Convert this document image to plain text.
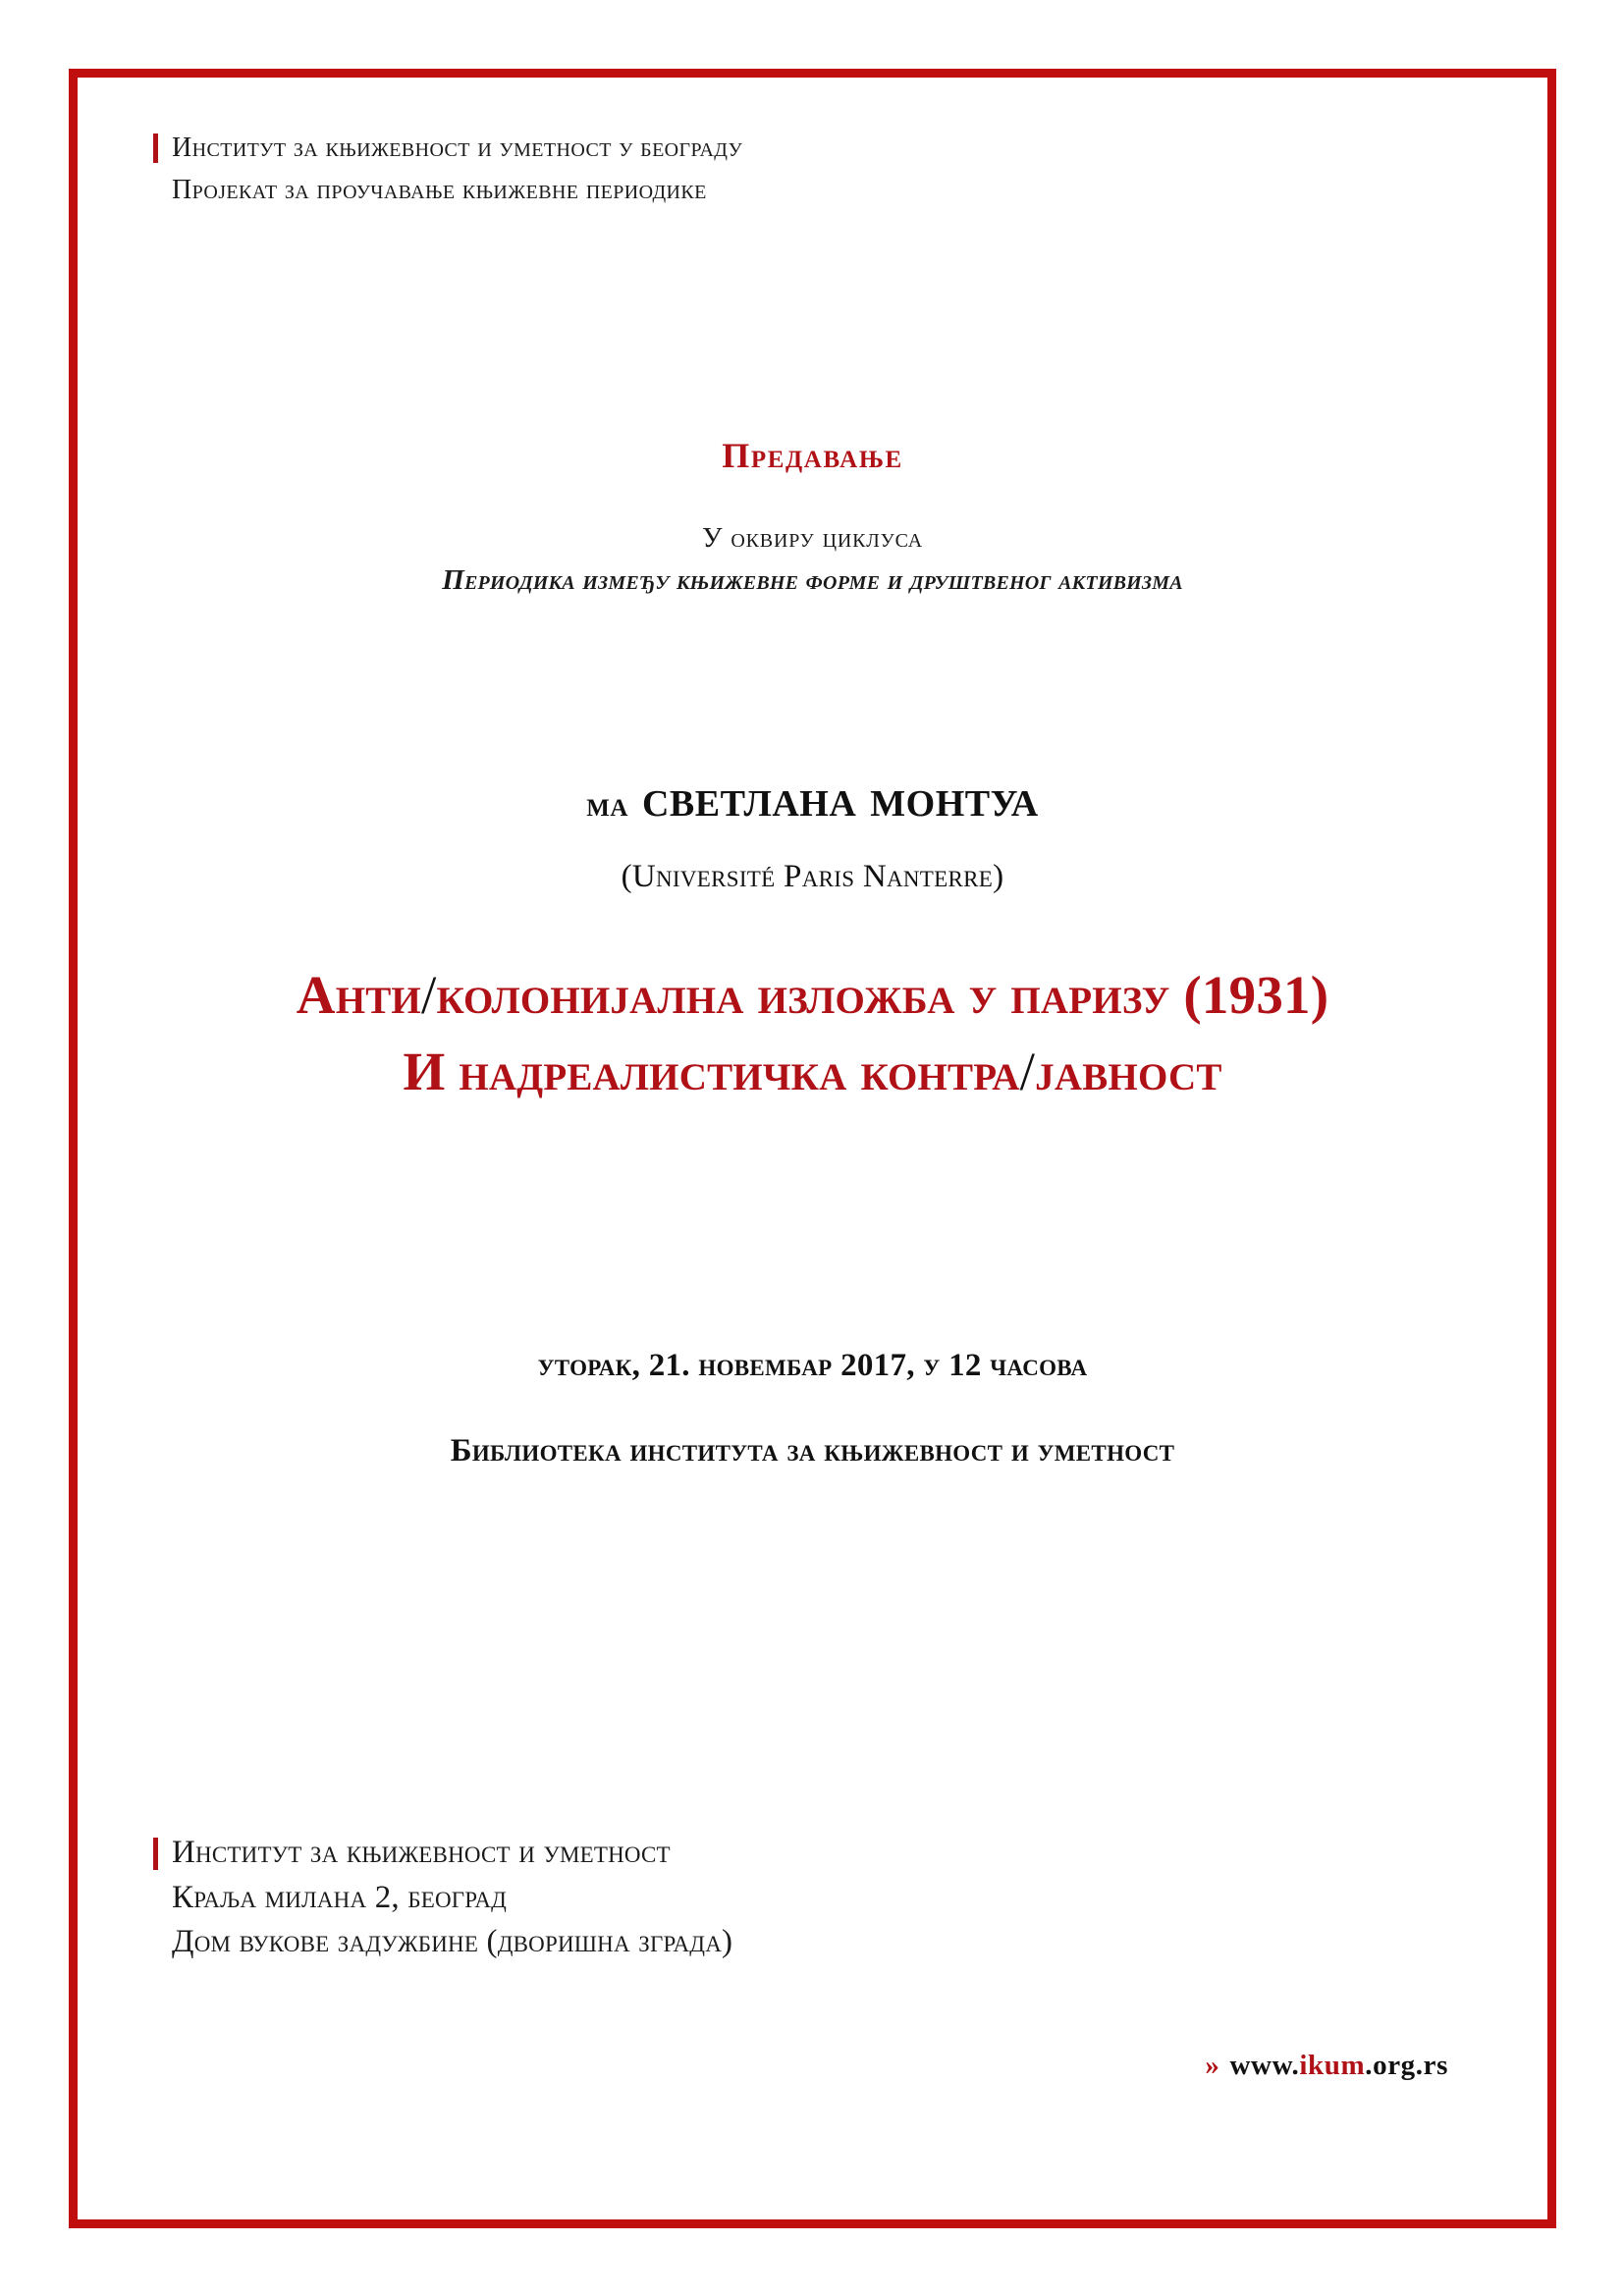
Институт за књижевност и уметност у београду
Пројекат за проучавање књижевне периодике
Предавање
У оквиру циклуса
Периодика између књижевне форме и друштвеног активизма
ма светлана монтуа
(Université Paris Nanterre)
Анти/колонијална изложба у паризу (1931)
И надреалистичка контра/јавност
уторак, 21. новембар 2017, у 12 часова
Библиотека института за књижевност и уметност
Институт за књижевност и уметност
Краља милана 2, београд
Дом вукове задужбине (дворишна зграда)
» www.ikum.org.rs
